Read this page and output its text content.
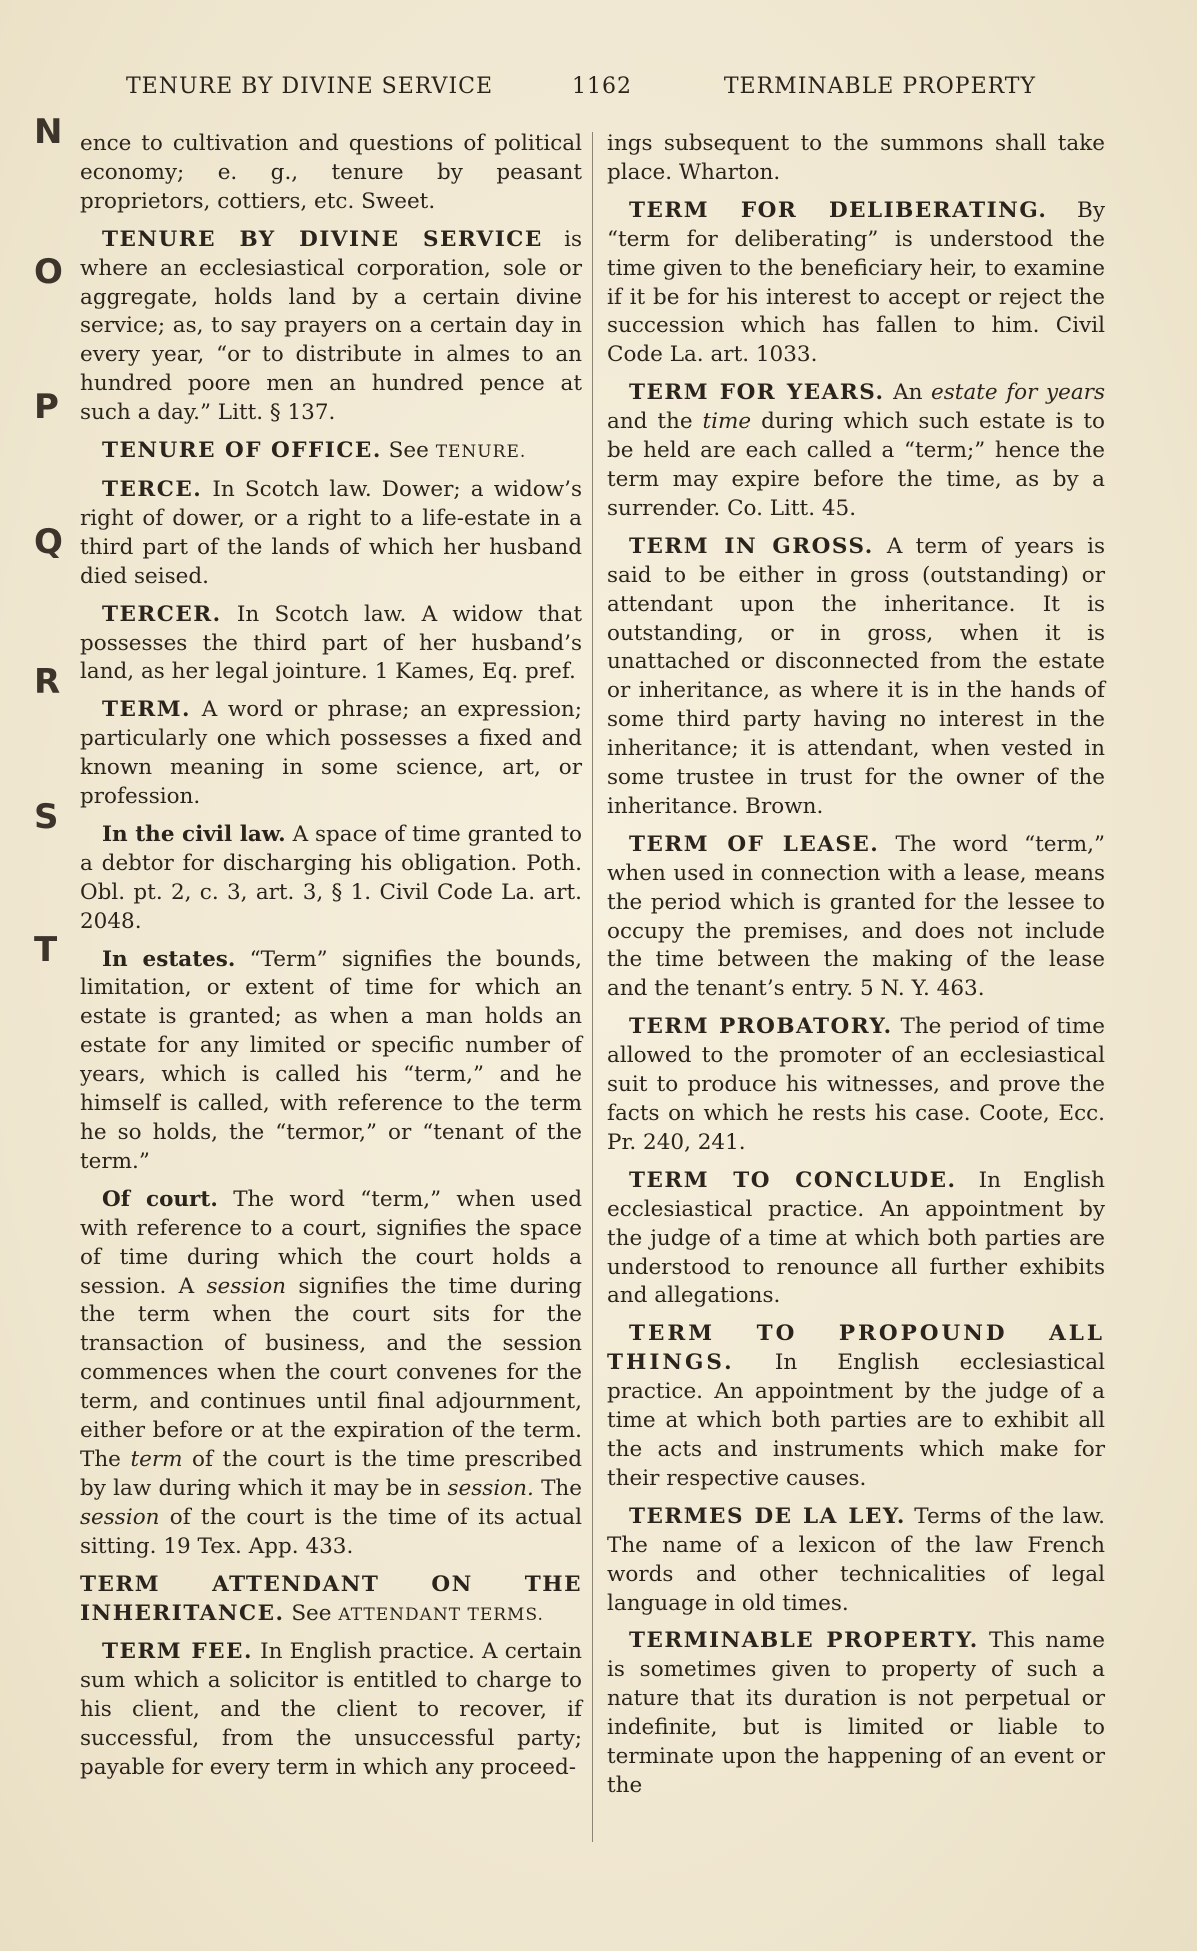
TENURE BY DIVINE SERVICE	1162	TERMINABLE PROPERTY
N
O
P
Q
R
S
T

ence to cultivation and questions of political economy; e. g., tenure by peasant proprietors, cottiers, etc. Sweet.

TENURE BY DIVINE SERVICE is where an ecclesiastical corporation, sole or aggregate, holds land by a certain divine service; as, to say prayers on a certain day in every year, “or to distribute in almes to an hundred poore men an hundred pence at such a day.” Litt. § 137.

TENURE OF OFFICE. See TENURE.

TERCE. In Scotch law. Dower; a widow’s right of dower, or a right to a life-estate in a third part of the lands of which her husband died seised.

TERCER. In Scotch law. A widow that possesses the third part of her husband’s land, as her legal jointure. 1 Kames, Eq. pref.

TERM. A word or phrase; an expression; particularly one which possesses a fixed and known meaning in some science, art, or profession.

In the civil law. A space of time granted to a debtor for discharging his obligation. Poth. Obl. pt. 2, c. 3, art. 3, § 1. Civil Code La. art. 2048.

In estates. “Term” signifies the bounds, limitation, or extent of time for which an estate is granted; as when a man holds an estate for any limited or specific number of years, which is called his “term,” and he himself is called, with reference to the term he so holds, the “termor,” or “tenant of the term.”

Of court. The word “term,” when used with reference to a court, signifies the space of time during which the court holds a session. A session signifies the time during the term when the court sits for the transaction of business, and the session commences when the court convenes for the term, and continues until final adjournment, either before or at the expiration of the term. The term of the court is the time prescribed by law during which it may be in session. The session of the court is the time of its actual sitting. 19 Tex. App. 433.

TERM ATTENDANT ON THE INHERITANCE. See ATTENDANT TERMS.

TERM FEE. In English practice. A certain sum which a solicitor is entitled to charge to his client, and the client to recover, if successful, from the unsuccessful party; payable for every term in which any proceed-

ings subsequent to the summons shall take place. Wharton.

TERM FOR DELIBERATING. By “term for deliberating” is understood the time given to the beneficiary heir, to examine if it be for his interest to accept or reject the succession which has fallen to him. Civil Code La. art. 1033.

TERM FOR YEARS. An estate for years and the time during which such estate is to be held are each called a “term;” hence the term may expire before the time, as by a surrender. Co. Litt. 45.

TERM IN GROSS. A term of years is said to be either in gross (outstanding) or attendant upon the inheritance. It is outstanding, or in gross, when it is unattached or disconnected from the estate or inheritance, as where it is in the hands of some third party having no interest in the inheritance; it is attendant, when vested in some trustee in trust for the owner of the inheritance. Brown.

TERM OF LEASE. The word “term,” when used in connection with a lease, means the period which is granted for the lessee to occupy the premises, and does not include the time between the making of the lease and the tenant’s entry. 5 N. Y. 463.

TERM PROBATORY. The period of time allowed to the promoter of an ecclesiastical suit to produce his witnesses, and prove the facts on which he rests his case. Coote, Ecc. Pr. 240, 241.

TERM TO CONCLUDE. In English ecclesiastical practice. An appointment by the judge of a time at which both parties are understood to renounce all further exhibits and allegations.

TERM TO PROPOUND ALL THINGS. In English ecclesiastical practice. An appointment by the judge of a time at which both parties are to exhibit all the acts and instruments which make for their respective causes.

TERMES DE LA LEY. Terms of the law. The name of a lexicon of the law French words and other technicalities of legal language in old times.

TERMINABLE PROPERTY. This name is sometimes given to property of such a nature that its duration is not perpetual or indefinite, but is limited or liable to terminate upon the happening of an event or the
